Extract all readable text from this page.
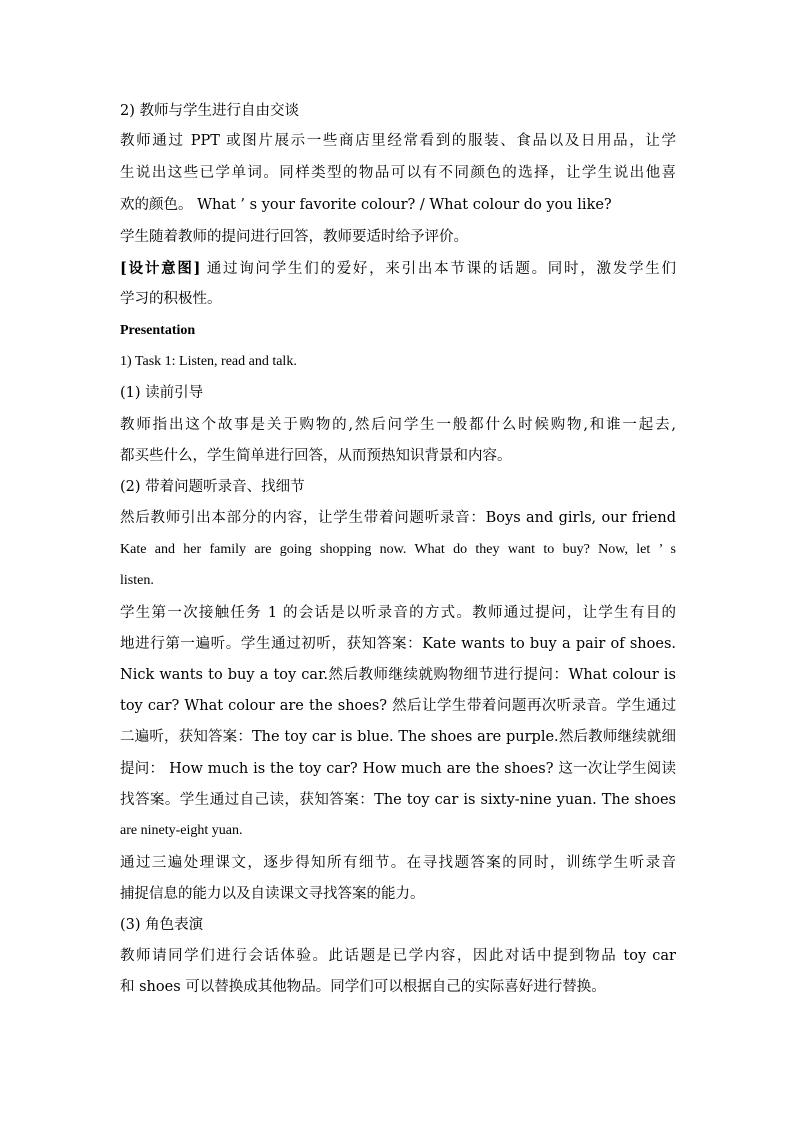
2) 教师与学生进行自由交谈
教师通过 PPT 或图片展示一些商店里经常看到的服装、食品以及日用品，让学
生说出这些已学单词。同样类型的物品可以有不同颜色的选择，让学生说出他喜
欢的颜色。 What ’ s your favorite colour? / What colour do you like?
学生随着教师的提问进行回答，教师要适时给予评价。
[设计意图] 通过询问学生们的爱好，来引出本节课的话题。同时，激发学生们
学习的积极性。
Presentation
1) Task 1: Listen, read and talk.
(1) 读前引导
教师指出这个故事是关于购物的,然后问学生一般都什么时候购物,和谁一起去,
都买些什么，学生简单进行回答，从而预热知识背景和内容。
(2) 带着问题听录音、找细节
然后教师引出本部分的内容，让学生带着问题听录音：Boys and girls, our friend
Kate and her family are going shopping now. What do they want to buy? Now, let ’ s
listen.
学生第一次接触任务 1 的会话是以听录音的方式。教师通过提问，让学生有目的
地进行第一遍听。学生通过初听，获知答案：Kate wants to buy a pair of shoes.
Nick wants to buy a toy car.然后教师继续就购物细节进行提问：What colour is
toy car? What colour are the shoes? 然后让学生带着问题再次听录音。学生通过
二遍听，获知答案：The toy car is blue. The shoes are purple.然后教师继续就细
提问： How much is the toy car? How much are the shoes? 这一次让学生阅读
找答案。学生通过自己读，获知答案：The toy car is sixty-nine yuan. The shoes
are ninety-eight yuan.
通过三遍处理课文，逐步得知所有细节。在寻找题答案的同时，训练学生听录音
捕捉信息的能力以及自读课文寻找答案的能力。
(3) 角色表演
教师请同学们进行会话体验。此话题是已学内容，因此对话中提到物品 toy car
和 shoes 可以替换成其他物品。同学们可以根据自己的实际喜好进行替换。
